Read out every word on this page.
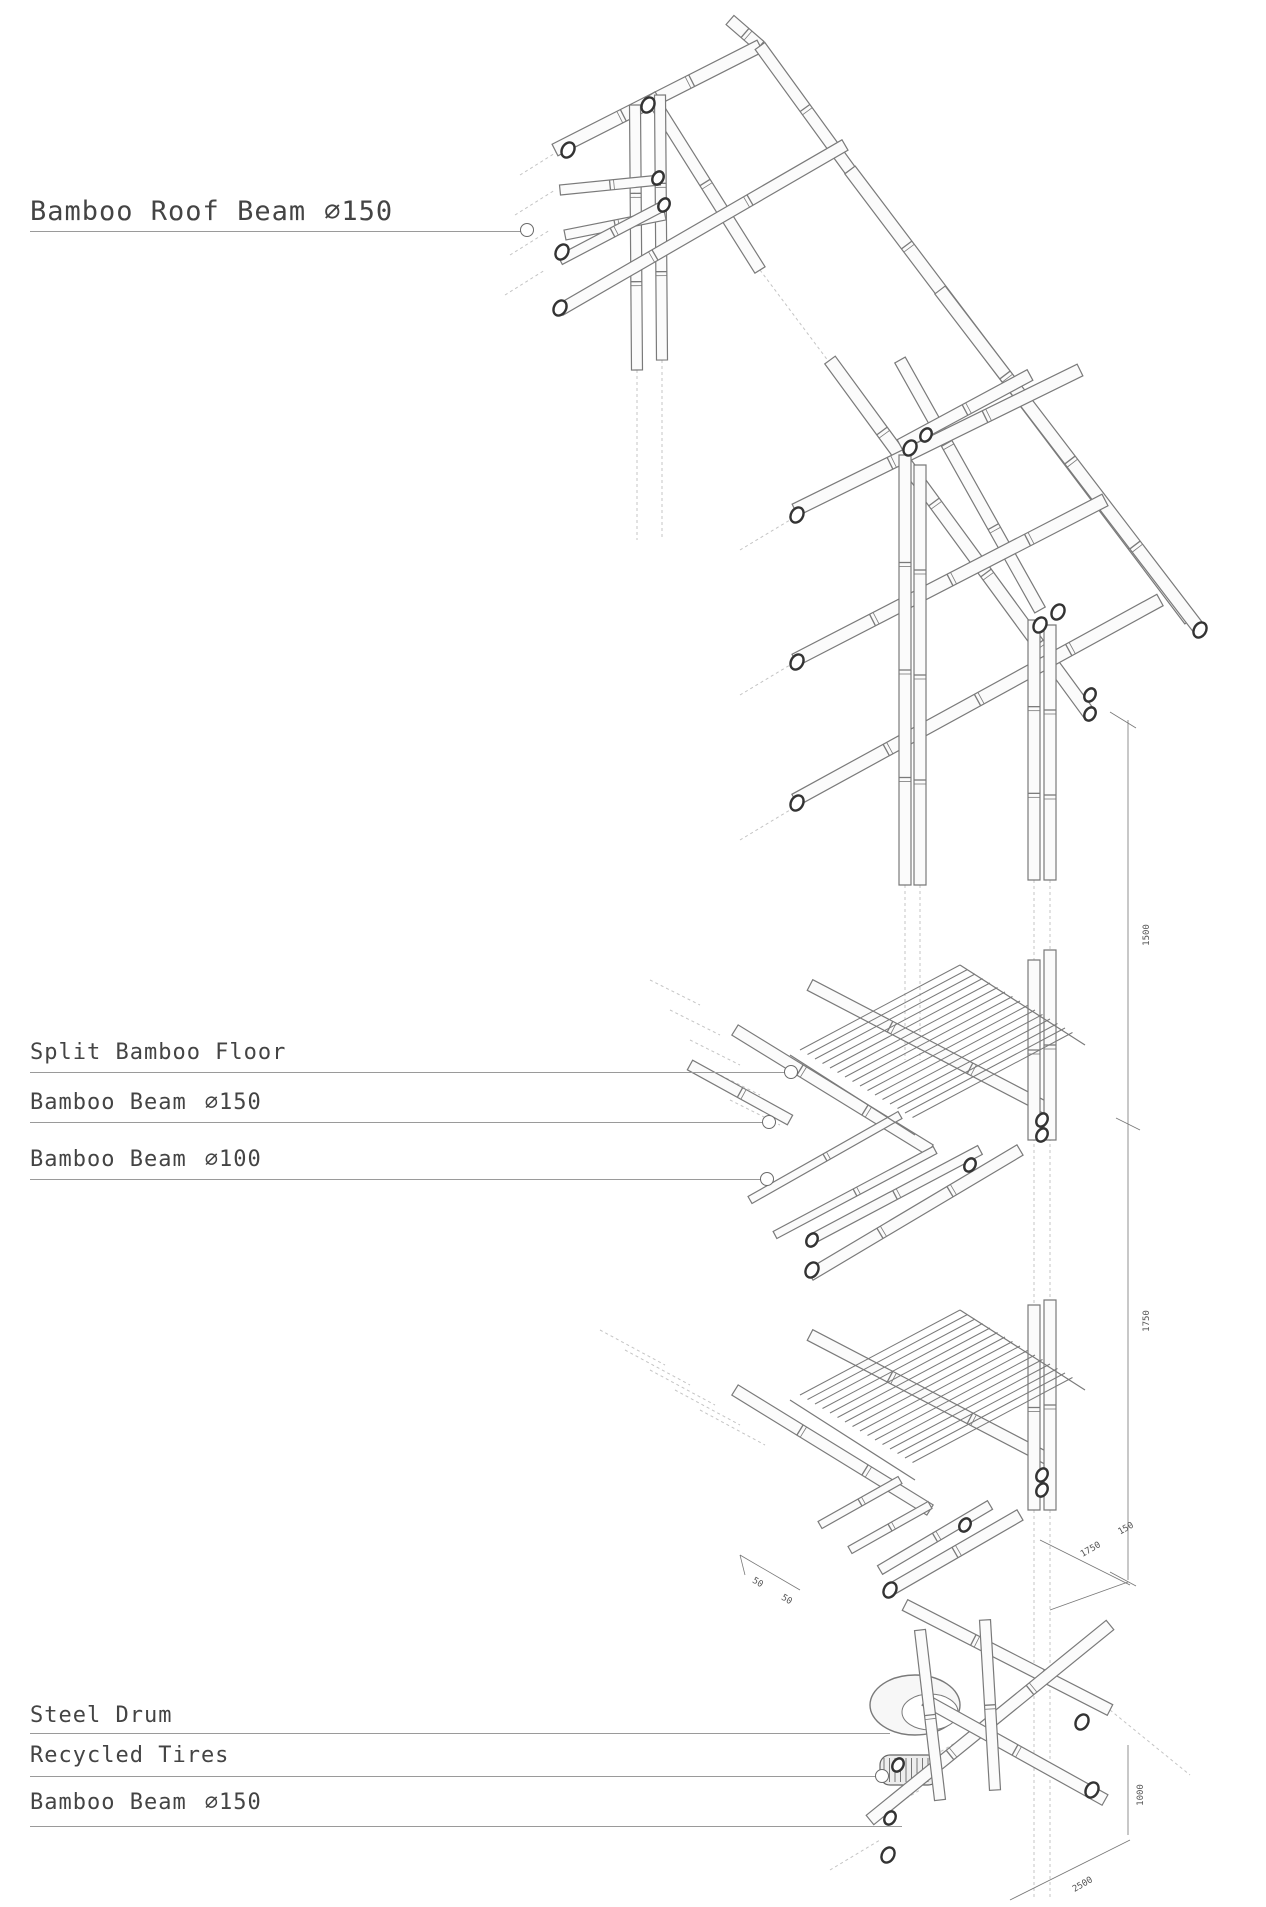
Bamboo Roof Beam ∅150
Split Bamboo Floor
Bamboo Beam ∅150
Bamboo Beam ∅100
Steel Drum
Recycled Tires
Bamboo Beam ∅150
1500
1750
1750
150
50
50
1000
2500
